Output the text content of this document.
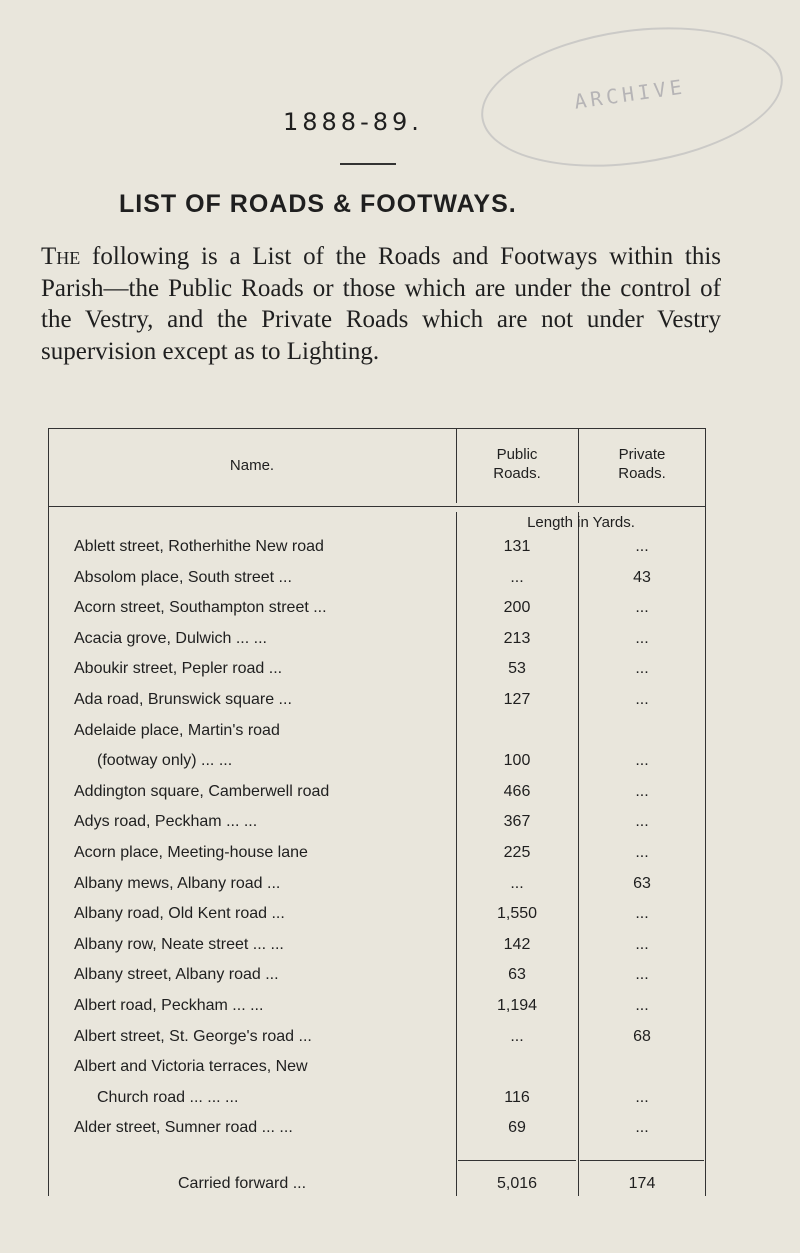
ARCHIVE
1888-89.
LIST OF ROADS & FOOTWAYS.
The following is a List of the Roads and Footways within this Parish—the Public Roads or those which are under the control of the Vestry, and the Private Roads which are not under Vestry supervision except as to Lighting.
Name.
Public
Roads.
Private
Roads.
Length in Yards.
Ablett street, Rotherhithe New road	131	...
Absolom place, South street ...	...	43
Acorn street, Southampton street ...	200	...
Acacia grove, Dulwich ... ...	213	...
Aboukir street, Pepler road ...	53	...
Ada road, Brunswick square ...	127	...
Adelaide place, Martin's road
(footway only) ... ...	100	...
Addington square, Camberwell road	466	...
Adys road, Peckham ... ...	367	...
Acorn place, Meeting-house lane	225	...
Albany mews, Albany road ...	...	63
Albany road, Old Kent road ...	1,550	...
Albany row, Neate street ... ...	142	...
Albany street, Albany road ...	63	...
Albert road, Peckham ... ...	1,194	...
Albert street, St. George's road ...	...	68
Albert and Victoria terraces, New
Church road ... ... ...	116	...
Alder street, Sumner road ... ...	69	...
Carried forward ...	5,016	174
